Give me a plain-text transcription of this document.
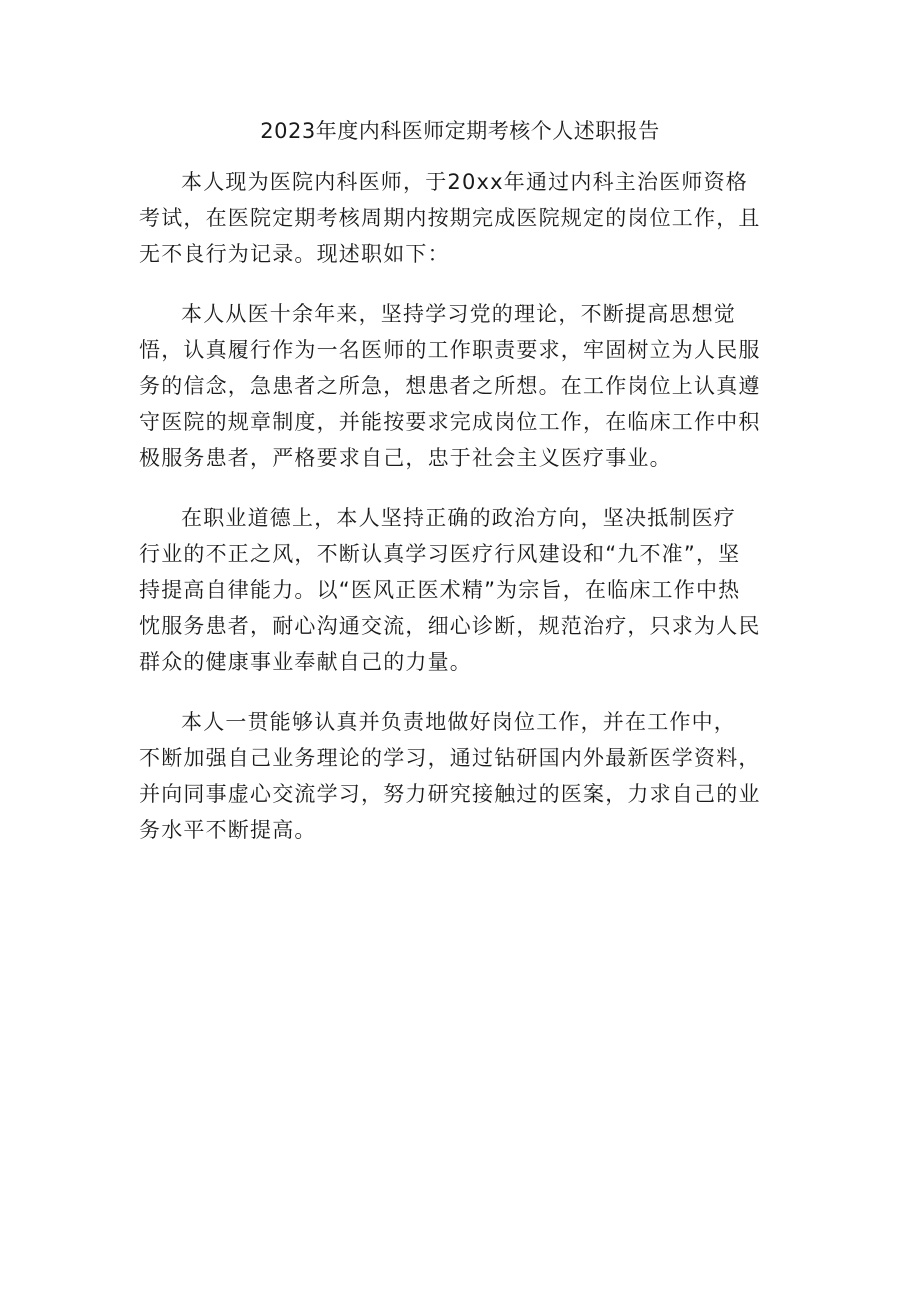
2023年度内科医师定期考核个人述职报告

本人现为医院内科医师，于20xx年通过内科主治医师资格
考试，在医院定期考核周期内按期完成医院规定的岗位工作，且
无不良行为记录。现述职如下：

本人从医十余年来，坚持学习党的理论，不断提高思想觉
悟，认真履行作为一名医师的工作职责要求，牢固树立为人民服
务的信念，急患者之所急，想患者之所想。在工作岗位上认真遵
守医院的规章制度，并能按要求完成岗位工作，在临床工作中积
极服务患者，严格要求自己，忠于社会主义医疗事业。

在职业道德上，本人坚持正确的政治方向，坚决抵制医疗
行业的不正之风，不断认真学习医疗行风建设和“九不准”，坚
持提高自律能力。以“医风正医术精”为宗旨，在临床工作中热
忱服务患者，耐心沟通交流，细心诊断，规范治疗，只求为人民
群众的健康事业奉献自己的力量。

本人一贯能够认真并负责地做好岗位工作，并在工作中，
不断加强自己业务理论的学习，通过钻研国内外最新医学资料，
并向同事虚心交流学习，努力研究接触过的医案，力求自己的业
务水平不断提高。
